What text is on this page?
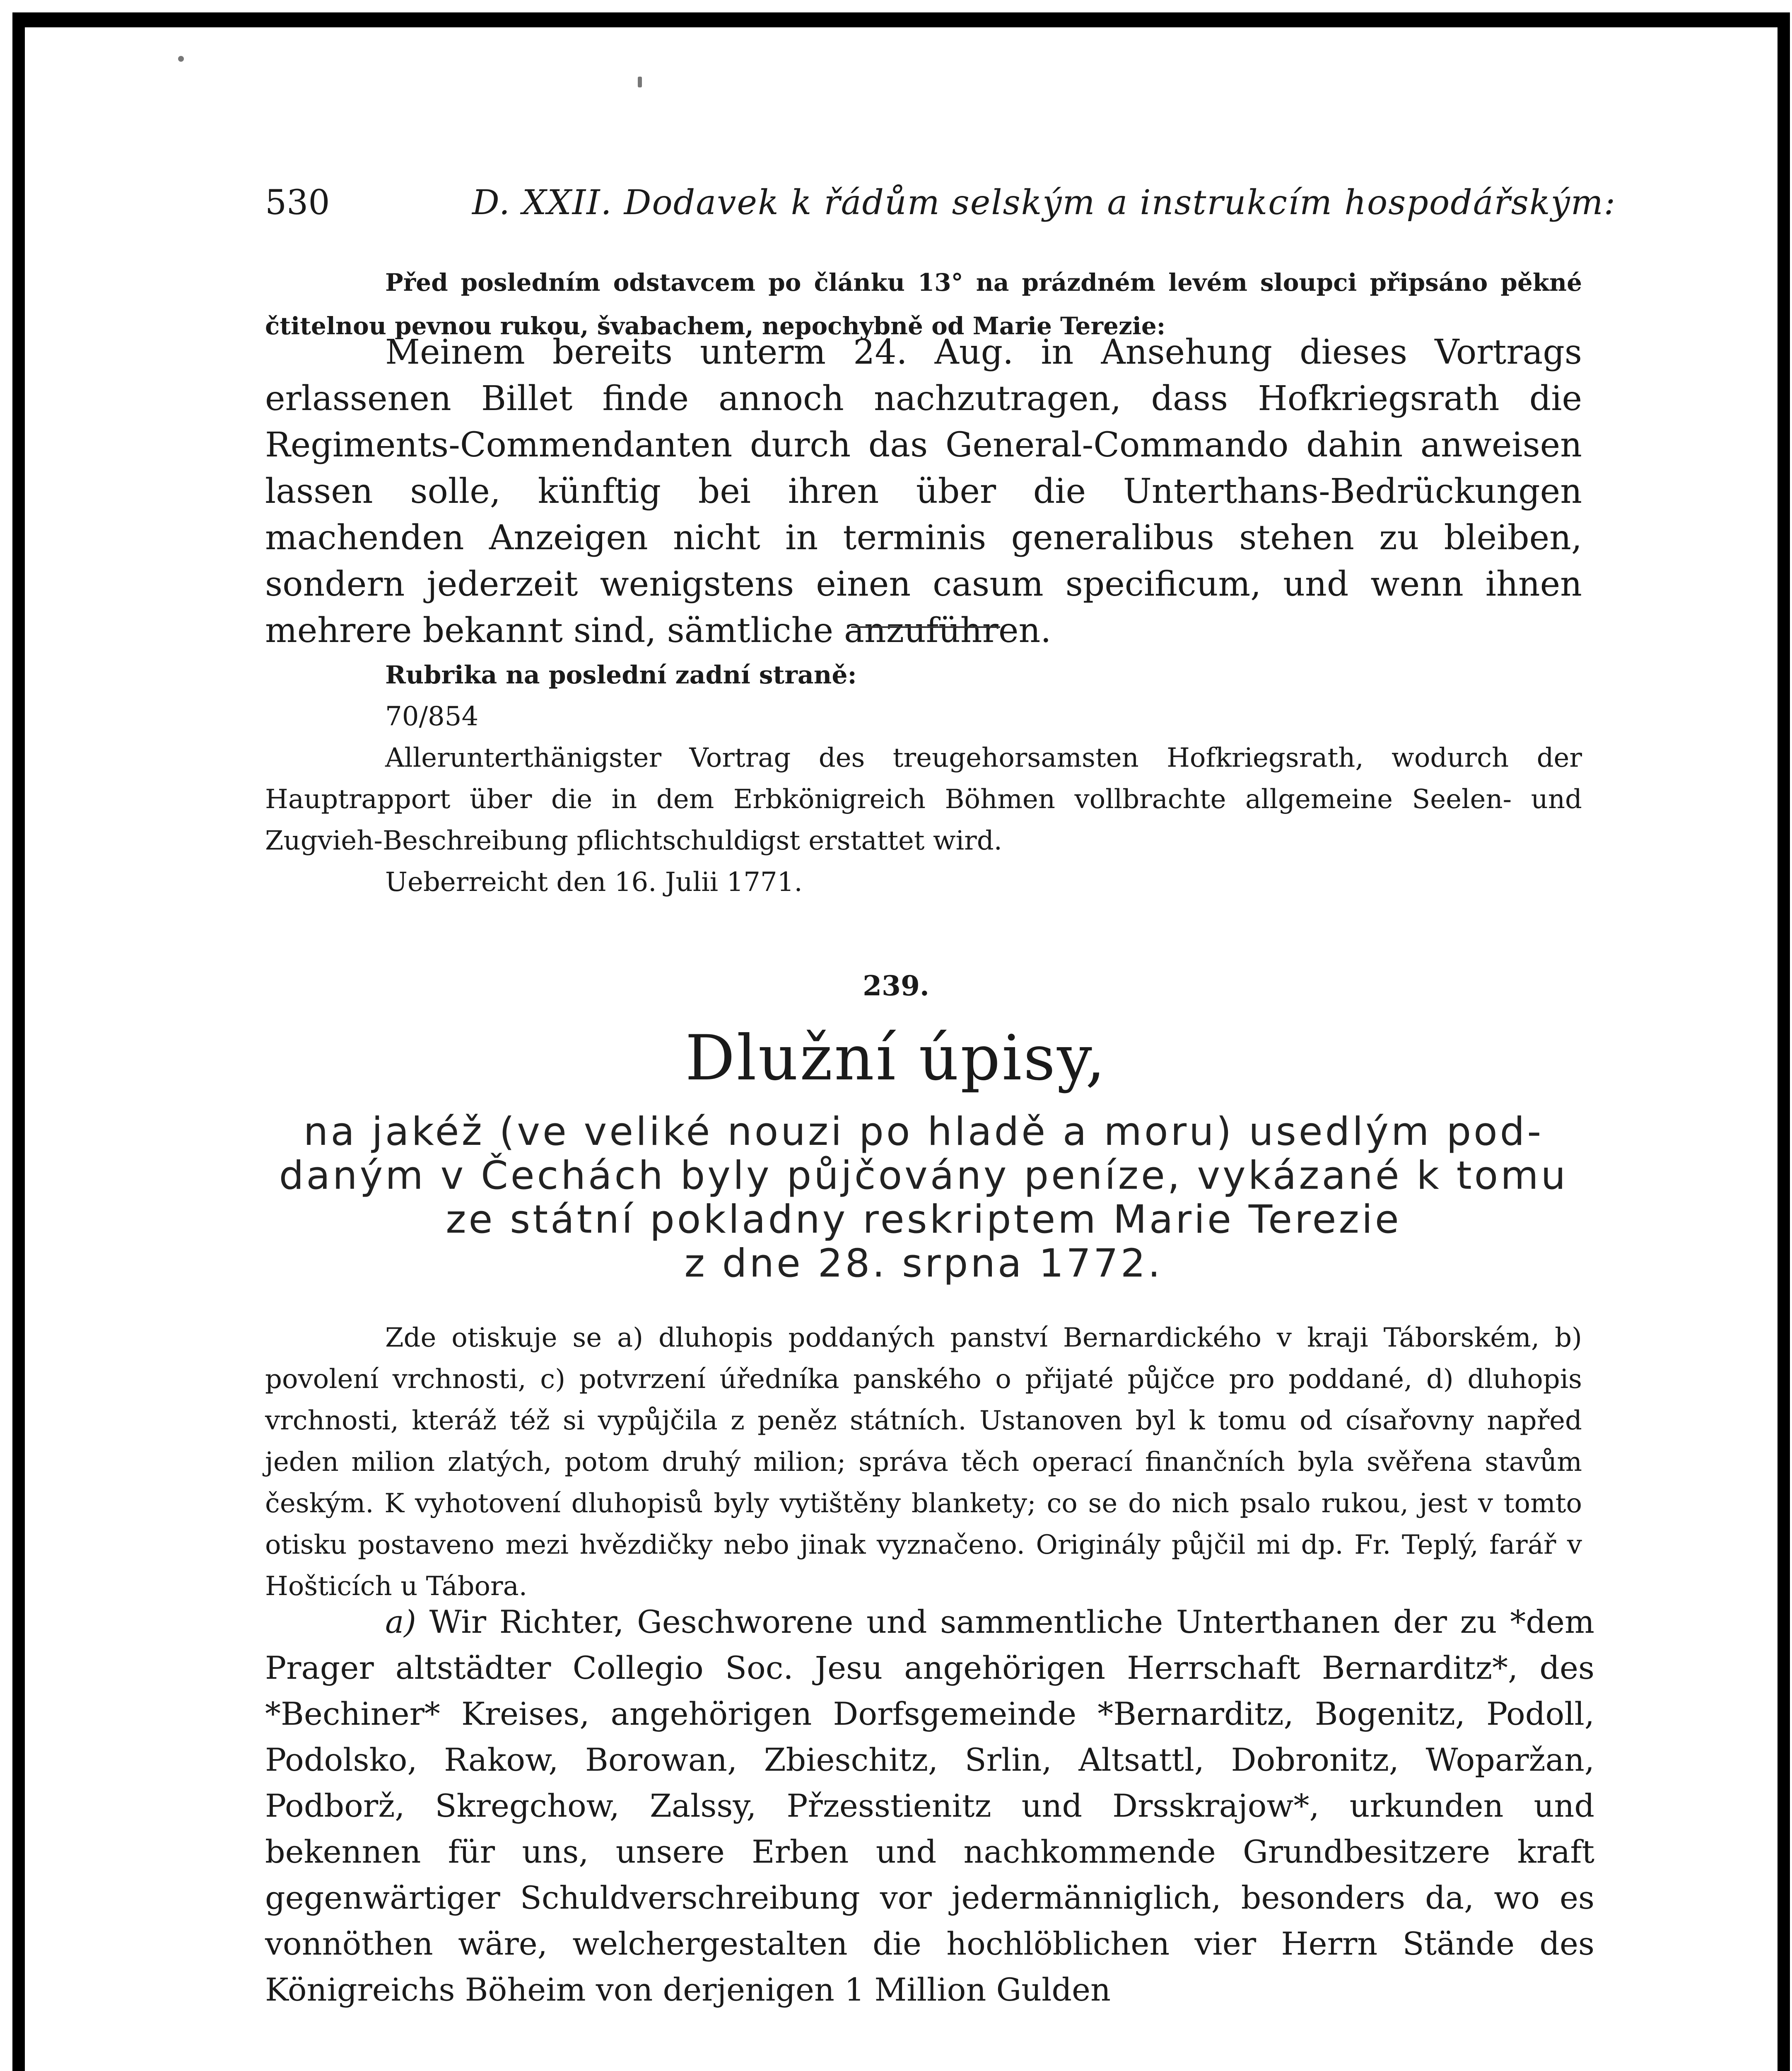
530	D. XXII. Dodavek k řádům selským a instrukcím hospodářským:
Před posledním odstavcem po článku 13° na prázdném levém sloupci připsáno pěkné čtitelnou pevnou rukou, švabachem, nepochybně od Marie Terezie:

Meinem bereits unterm 24. Aug. in Ansehung dieses Vortrags erlassenen Billet finde annoch nachzutragen, dass Hofkriegsrath die Regiments-Commendanten durch das General-Commando dahin anweisen lassen solle, künftig bei ihren über die Unterthans-Bedrückungen machenden Anzeigen nicht in terminis generalibus stehen zu bleiben, sondern jederzeit wenigstens einen casum specificum, und wenn ihnen mehrere bekannt sind, sämtliche anzuführen.

Rubrika na poslední zadní straně:
70/854
Allerunterthänigster Vortrag des treugehorsamsten Hofkriegsrath, wodurch der Hauptrapport über die in dem Erbkönigreich Böhmen vollbrachte allgemeine Seelen- und Zugvieh-Beschreibung pflichtschuldigst erstattet wird.
Ueberreicht den 16. Julii 1771.
239.
Dlužní úpisy,
na jakéž (ve veliké nouzi po hladě a moru) usedlým pod-
daným v Čechách byly půjčovány peníze, vykázané k tomu
ze státní pokladny reskriptem Marie Terezie
z dne 28. srpna 1772.
Zde otiskuje se a) dluhopis poddaných panství Bernardického v kraji Táborském, b) povolení vrchnosti, c) potvrzení úředníka panského o přijaté půjčce pro poddané, d) dluhopis vrchnosti, kteráž též si vypůjčila z peněz státních. Ustanoven byl k tomu od císařovny napřed jeden milion zlatých, potom druhý milion; správa těch operací finančních byla svěřena stavům českým. K vyhotovení dluhopisů byly vytištěny blankety; co se do nich psalo rukou, jest v tomto otisku postaveno mezi hvězdičky nebo jinak vyznačeno. Originály půjčil mi dp. Fr. Teplý, farář v Hošticích u Tábora.
a) Wir Richter, Geschworene und sammentliche Unterthanen der zu *dem Prager altstädter Collegio Soc. Jesu angehörigen Herrschaft Bernarditz*, des *Bechiner* Kreises, angehörigen Dorfsgemeinde *Bernarditz, Bogenitz, Podoll, Podolsko, Rakow, Borowan, Zbieschitz, Srlin, Altsattl, Dobronitz, Woparžan, Podborž, Skregchow, Zalssy, Přzesstienitz und Drsskrajow*, urkunden und bekennen für uns, unsere Erben und nachkommende Grundbesitzere kraft gegenwärtiger Schuldverschreibung vor jedermänniglich, besonders da, wo es vonnöthen wäre, welchergestalten die hochlöblichen vier Herrn Stände des Königreichs Böheim von derjenigen 1 Million Gulden
